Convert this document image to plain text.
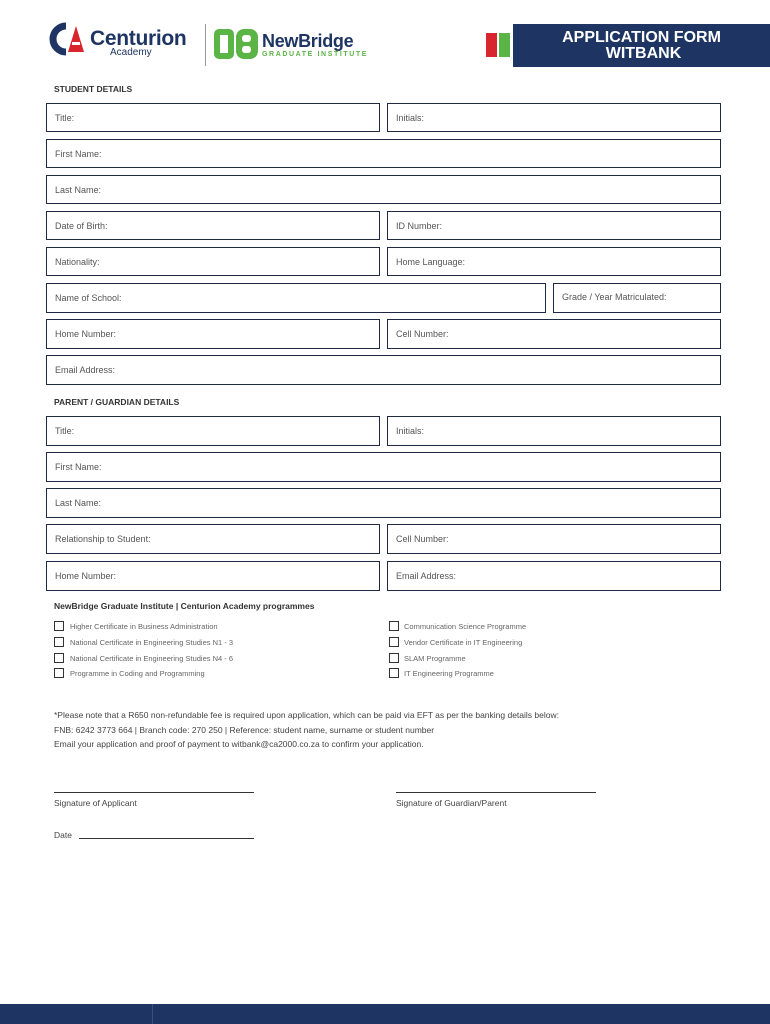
Centurion
Academy
NewBridge
GRADUATE INSTITUTE
APPLICATION FORM
WITBANK
STUDENT DETAILS
Title:	Initials:
First Name:
Last Name:
Date of Birth:	ID Number:
Nationality:	Home Language:
Name of School:	Grade / Year Matriculated:
Home Number:	Cell Number:
Email Address:
PARENT / GUARDIAN DETAILS
Title:	Initials:
First Name:
Last Name:
Relationship to Student:	Cell Number:
Home Number:	Email Address:
NewBridge Graduate Institute | Centurion Academy programmes
Higher Certificate in Business Administration
National Certificate in Engineering Studies N1 - 3
National Certificate in Engineering Studies N4 - 6
Programme in Coding and Programming
Communication Science Programme
Vendor Certificate in IT Engineering
SLAM Programme
IT Engineering Programme
*Please note that a R650 non-refundable fee is required upon application, which can be paid via EFT as per the banking details below:
FNB: 6242 3773 664 | Branch code: 270 250 | Reference: student name, surname or student number
Email your application and proof of payment to witbank@ca2000.co.za to confirm your application.
Signature of Applicant	Signature of Guardian/Parent
Date
